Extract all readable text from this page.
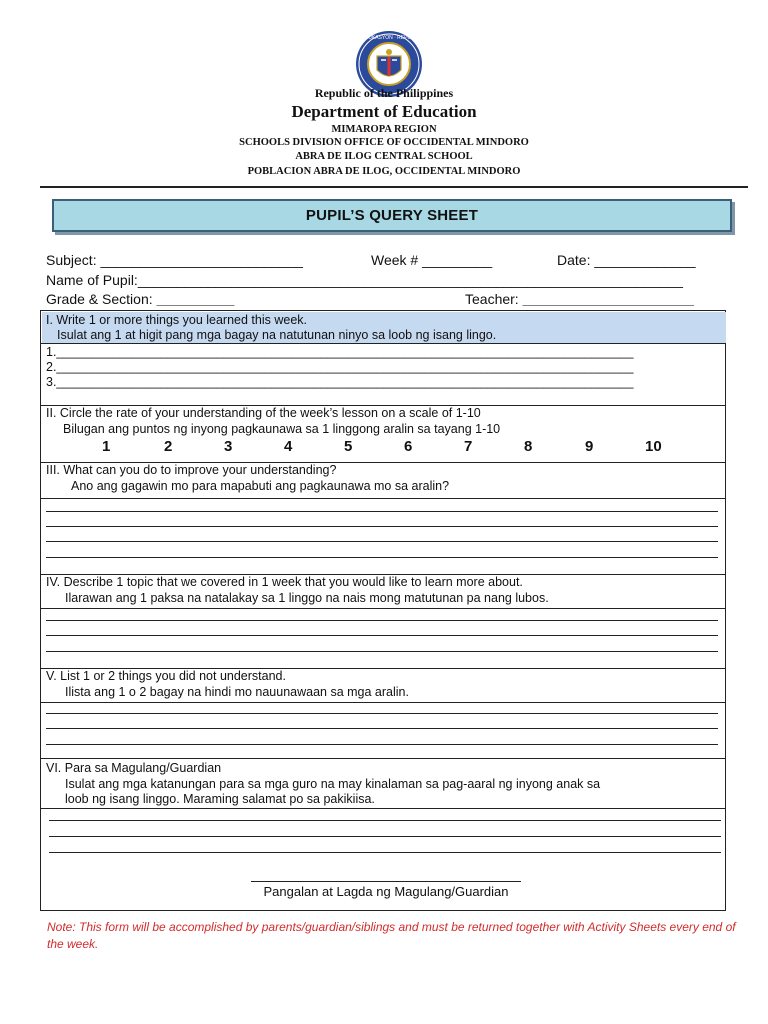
KAGAWARAN NG EDUKASYON · REPUBLIKA NG PILIPINAS
Republic of the Philippines
Department of Education
MIMAROPA REGION
SCHOOLS DIVISION OFFICE OF OCCIDENTAL MINDORO
ABRA DE ILOG CENTRAL SCHOOL
POBLACION ABRA DE ILOG, OCCIDENTAL MINDORO
PUPIL’S QUERY SHEET
Subject: __________________________	Week # _________	Date: _____________
Name of Pupil:______________________________________________________________________
Grade & Section: __________	Teacher: ______________________
I. Write 1 or more things you learned this week.
Isulat ang 1 at higit pang mga bagay na natutunan ninyo sa loob ng isang lingo.
1.___________________________________________________________________________________
2.___________________________________________________________________________________
3.___________________________________________________________________________________
II. Circle the rate of your understanding of the week’s lesson on a scale of 1-10
Bilugan ang puntos ng inyong pagkaunawa sa 1 linggong aralin sa tayang 1-10
1	2	3	4	5	6	7	8	9	10
III. What can you do to improve your understanding?
Ano ang gagawin mo para mapabuti ang pagkaunawa mo sa aralin?
IV. Describe 1 topic that we covered in 1 week that you would like to learn more about.
Ilarawan ang 1 paksa na natalakay sa 1 linggo na nais mong matutunan pa nang lubos.
V. List 1 or 2 things you did not understand.
Ilista ang 1 o 2 bagay na hindi mo nauunawaan sa mga aralin.
VI. Para sa Magulang/Guardian
Isulat ang mga katanungan para sa mga guro na may kinalaman sa pag-aaral ng inyong anak sa
loob ng isang linggo. Maraming salamat po sa pakikiisa.
Pangalan at Lagda ng Magulang/Guardian
Note: This form will be accomplished by parents/guardian/siblings and must be returned together with Activity Sheets every end of the week.
